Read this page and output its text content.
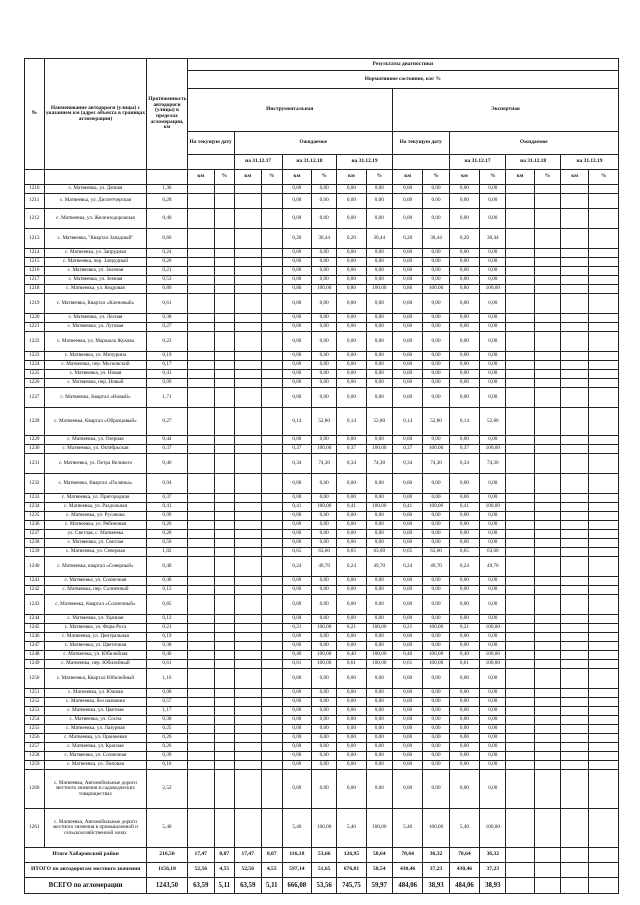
№	Наименование автодороги (улицы) с указанием км (адрес объекта в границах агломерации)	Протяженность автодороги (улицы) в пределах агломерации, км	Результаты диагностики															
			Нормативное состояние, км/ %															
			Инструментальная								Экспертная							
			На текущую дату		Ожидаемое						На текущую дату		Ожидаемое					
					на 31.12.17		на 31.12.18		на 31.12.19				на 31.12.17		на 31.12.18		на 31.12.19	
			км	%	км	%	км	%	км	%	км	%	км	%	км	%	км	%
1210	с. Матвеевка, ул. Дачная	1,36					0,00	0,00	0,00	0,00	0,00	0,00	0,00	0,00				
1211	с. Матвеевка, ул. Диспетчерская	0,28					0,00	0,00	0,00	0,00	0,00	0,00	0,00	0,00				
1212	с. Матвеевка, ул. Железнодорожная	0,40					0,00	0,00	0,00	0,00	0,00	0,00	0,00	0,00				
1213	с. Матвеевка, "Квартал Западный"	0,66					0,20	30,44	0,20	30,44	0,20	30,44	0,20	30,44				
1214	с. Матвеевка, ул. Запрудная	0,24					0,00	0,00	0,00	0,00	0,00	0,00	0,00	0,00				
1215	с. Матвеевка, пер. Запрудный	0,20					0,00	0,00	0,00	0,00	0,00	0,00	0,00	0,00				
1216	с. Матвеевка, ул. Зеленая	0,21					0,00	0,00	0,00	0,00	0,00	0,00	0,00	0,00				
1217	с. Матвеевка, ул. Земная	0,53					0,00	0,00	0,00	0,00	0,00	0,00	0,00	0,00				
1218	с. Матвеевка, ул. Кедровая	0,80					0,80	100,00	0,80	100,00	0,80	100,00	0,80	100,00				
1219	с. Матвеевка, Квартал «Кленовый»	0,61					0,00	0,00	0,00	0,00	0,00	0,00	0,00	0,00				
1220	с. Матвеевка, ул. Лесная	0,38					0,00	0,00	0,00	0,00	0,00	0,00	0,00	0,00				
1221	с. Матвеевка, ул. Луговая	0,27					0,00	0,00	0,00	0,00	0,00	0,00	0,00	0,00				
1222	с. Матвеевка, ул. Маршала Жукова	0,22					0,00	0,00	0,00	0,00	0,00	0,00	0,00	0,00				
1223	с. Матвеевка, ул. Мичурина	0,19					0,00	0,00	0,00	0,00	0,00	0,00	0,00	0,00				
1224	с. Матвеевка, пер. Московский	0,17					0,00	0,00	0,00	0,00	0,00	0,00	0,00	0,00				
1225	с. Матвеевка, ул. Новая	0,41					0,00	0,00	0,00	0,00	0,00	0,00	0,00	0,00				
1226	с. Матвеевка, пер. Новый	0,09					0,00	0,00	0,00	0,00	0,00	0,00	0,00	0,00				
1227	с. Матвеевка, Квартал «Новый»	1,71					0,00	0,00	0,00	0,00	0,00	0,00	0,00	0,00				
1228	с. Матвеевка, Квартал «Образцовый»	0,27					0,14	52,80	0,14	52,80	0,14	52,80	0,14	52,80				
1229	с. Матвеевка, ул. Озерная	0,44					0,00	0,00	0,00	0,00	0,00	0,00	0,00	0,00				
1230	с. Матвеевка, ул. Октябрьская	0,37					0,37	100,00	0,37	100,00	0,37	100,00	0,37	100,00				
1231	с. Матвеевка, ул. Петра Великого	0,46					0,34	74,30	0,34	74,30	0,34	74,30	0,34	74,30				
1232	с. Матвеевка, Квартал «Полянка»	0,94					0,00	0,00	0,00	0,00	0,00	0,00	0,00	0,00				
1233	с. Матвеевка, ул. Пригородная	0,37					0,00	0,00	0,00	0,00	0,00	0,00	0,00	0,00				
1234	с. Матвеевка, ул. Раздольная	0,41					0,41	100,00	0,41	100,00	0,41	100,00	0,41	100,00				
1235	с. Матвеевка, ул. Русанова	0,99					0,00	0,00	0,00	0,00	0,00	0,00	0,00	0,00				
1236	с. Матвеевка, ул. Рябиновая	0,26					0,00	0,00	0,00	0,00	0,00	0,00	0,00	0,00				
1237	ул. Светлая, с. Матвеевка	0,28					0,00	0,00	0,00	0,00	0,00	0,00	0,00	0,00				
1238	с. Матвеевка, ул. Светлая	0,50					0,00	0,00	0,00	0,00	0,00	0,00	0,00	0,00				
1239	с. Матвеевка, ул. Северная	1,02					0,65	63,60	0,65	63,60	0,65	63,60	0,65	63,60				
1240	с. Матвеевка, квартал «Северный»	0,48					0,24	49,70	0,24	49,70	0,24	49,70	0,24	49,70				
1241	с. Матвеевка, ул. Солнечная	0,48					0,00	0,00	0,00	0,00	0,00	0,00	0,00	0,00				
1242	с. Матвеевка, пер. Солнечный	0,13					0,00	0,00	0,00	0,00	0,00	0,00	0,00	0,00				
1243	с. Матвеевка, Квартал «Солнечный»	0,85					0,00	0,00	0,00	0,00	0,00	0,00	0,00	0,00				
1244	с. Матвеевка, ул. Удачная	0,12					0,00	0,00	0,00	0,00	0,00	0,00	0,00	0,00				
1245	с. Матвеевка, ул. Фора-Роса	0,21					0,21	100,00	0,21	100,00	0,21	100,00	0,21	100,00				
1246	с. Матвеевка, ул. Центральная	0,19					0,00	0,00	0,00	0,00	0,00	0,00	0,00	0,00				
1247	с. Матвеевка, ул. Цветочная	0,38					0,00	0,00	0,00	0,00	0,00	0,00	0,00	0,00				
1248	с. Матвеевка, ул. Юбилейная	0,40					0,40	100,00	0,40	100,00	0,40	100,00	0,40	100,00				
1249	с. Матвеевка, пер. Юбилейный	0,61					0,61	100,00	0,61	100,00	0,61	100,00	0,61	100,00				
1250	с. Матвеевка, Квартал Юбилейный	1,16					0,00	0,00	0,00	0,00	0,00	0,00	0,00	0,00				
1251	с. Матвеевка, ул. Южная	0,08					0,00	0,00	0,00	0,00	0,00	0,00	0,00	0,00				
1252	с. Матвеевка, без названия	0,57					0,00	0,00	0,00	0,00	0,00	0,00	0,00	0,00				
1253	с. Матвеевка, ул. Цветная	1,17					0,00	0,00	0,00	0,00	0,00	0,00	0,00	0,00				
1254	с. Матвеевка, ул. Сосна	0,38					0,00	0,00	0,00	0,00	0,00	0,00	0,00	0,00				
1255	с. Матвеевка, ул. Лазурная	0,25					0,00	0,00	0,00	0,00	0,00	0,00	0,00	0,00				
1256	с. Матвеевка, ул. Оранжевая	0,26					0,00	0,00	0,00	0,00	0,00	0,00	0,00	0,00				
1257	с. Матвеевка, ул. Красная	0,26					0,00	0,00	0,00	0,00	0,00	0,00	0,00	0,00				
1258	с. Матвеевка, ул. Солнечная	0,39					0,00	0,00	0,00	0,00	0,00	0,00	0,00	0,00				
1259	с. Матвеевка, ул. Липовая	0,10					0,00	0,00	0,00	0,00	0,00	0,00	0,00	0,00				
1260	с. Матвеевка, Автомобильные дороги местного значения в садоводческих товариществах	2,52					0,00	0,00	0,00	0,00	0,00	0,00	0,00	0,00				
1261	с. Матвеевка, Автомобильные дороги местного значения в промышленной и сельскохозяйственной зонах	5,40					5,40	100,00	5,40	100,00	5,40	100,00	5,40	100,00				
Итого Хабаровский район		216,50	17,47	8,07	17,47	8,07	116,18	53,66	126,95	58,64	78,64	36,32	78,64	36,32				
ИТОГО по автодорогам местного значения		1156,18	52,56	4,55	52,56	4,55	597,14	51,65	676,81	58,54	430,46	37,23	430,46	37,23				
ВСЕГО по агломерации		1243,50	63,59	5,11	63,59	5,11	666,08	53,56	745,75	59,97	484,06	38,93	484,06	38,93				
